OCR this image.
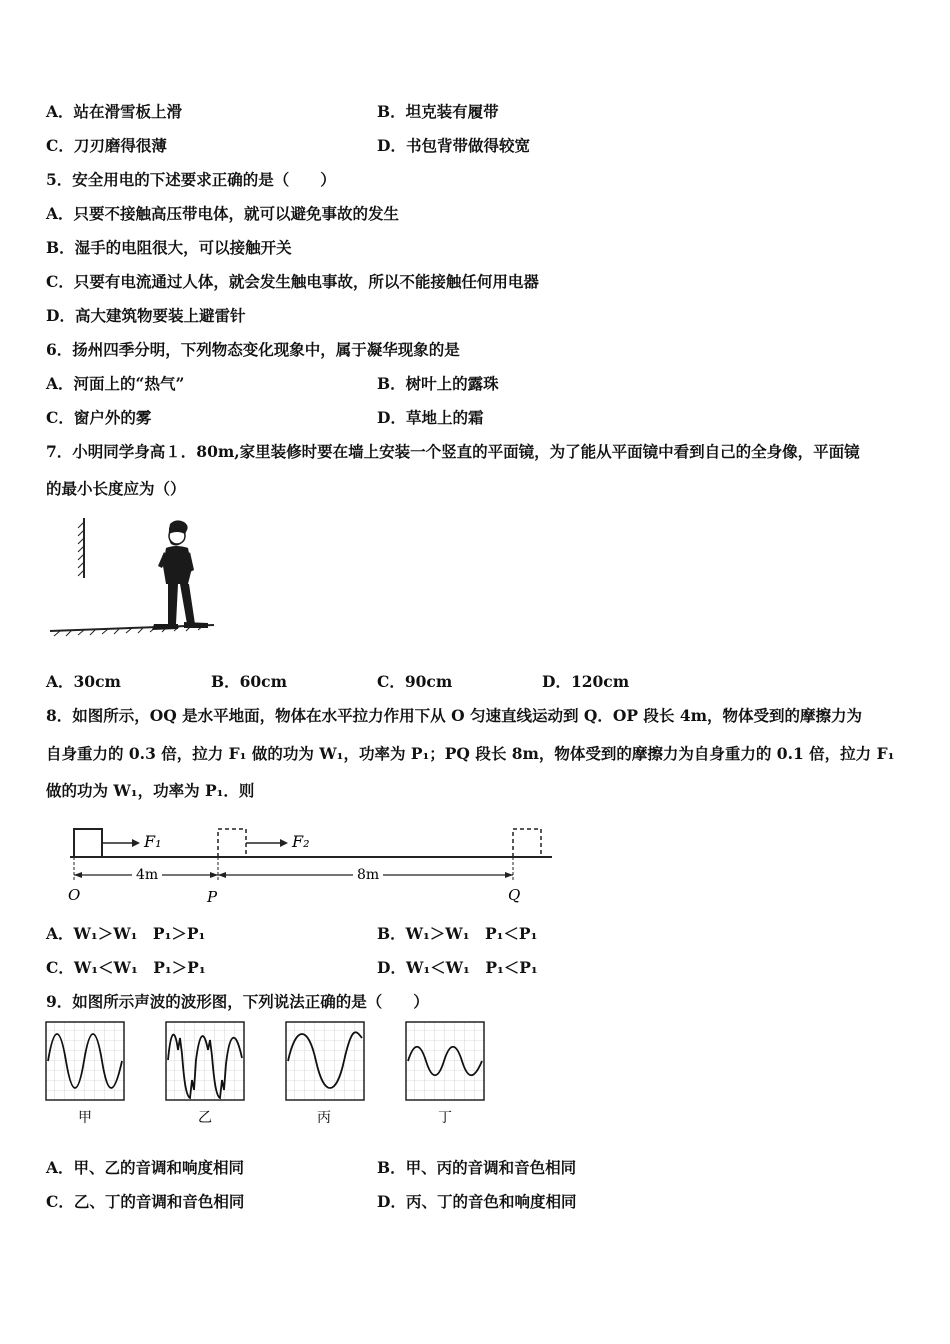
A．站在滑雪板上滑	B．坦克装有履带
C．刀刃磨得很薄	D．书包背带做得较宽
5．安全用电的下述要求正确的是（　　）
A．只要不接触高压带电体，就可以避免事故的发生
B．湿手的电阻很大，可以接触开关
C．只要有电流通过人体，就会发生触电事故，所以不能接触任何用电器
D．高大建筑物要装上避雷针
6．扬州四季分明，下列物态变化现象中，属于凝华现象的是
A．河面上的“热气”	B．树叶上的露珠
C．窗户外的雾	D．草地上的霜
7．小明同学身高１．80m,家里装修时要在墙上安装一个竖直的平面镜，为了能从平面镜中看到自己的全身像，平面镜
的最小长度应为（）
A．30cm	B．60cm	C．90cm	D．120cm
8．如图所示，OQ 是水平地面，物体在水平拉力作用下从 O 匀速直线运动到 Q．OP 段长 4m，物体受到的摩擦力为
自身重力的 0.3 倍，拉力 F₁ 做的功为 W₁，功率为 P₁；PQ 段长 8m，物体受到的摩擦力为自身重力的 0.1 倍，拉力 F₁
做的功为 W₁，功率为 P₁．则
F₁	F₂
4m	8m
O	P	Q
A．W₁＞W₁　P₁＞P₁	B．W₁＞W₁　P₁＜P₁
C．W₁＜W₁　P₁＞P₁	D．W₁＜W₁　P₁＜P₁
9．如图所示声波的波形图，下列说法正确的是（　　）
甲	乙	丙	丁
A．甲、乙的音调和响度相同	B．甲、丙的音调和音色相同
C．乙、丁的音调和音色相同	D．丙、丁的音色和响度相同
